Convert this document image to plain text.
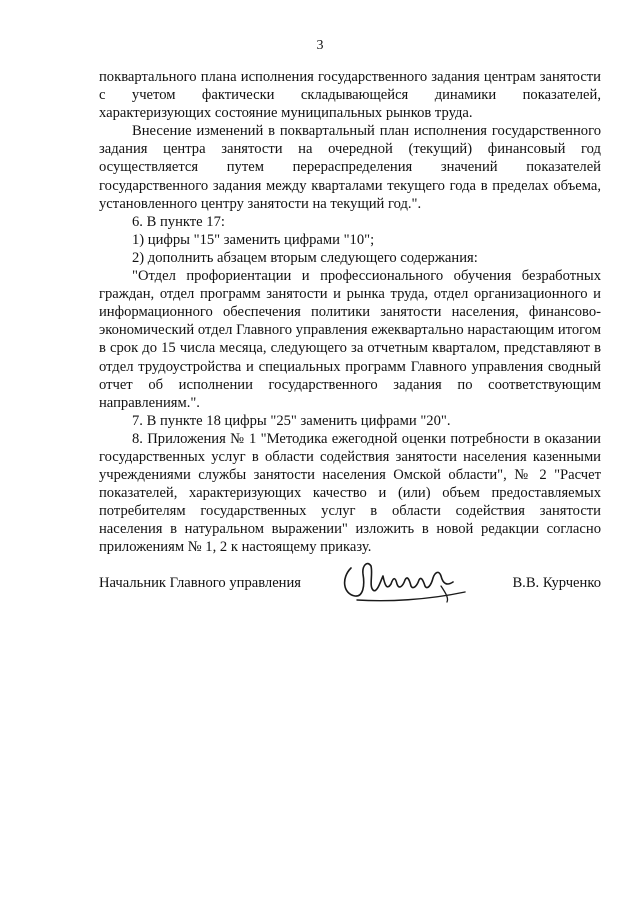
3

поквартального плана исполнения государственного задания центрам занятости с учетом фактически складывающейся динамики показателей, характеризующих состояние муниципальных рынков труда.

Внесение изменений в поквартальный план исполнения государственного задания центра занятости на очередной (текущий) финансовый год осуществляется путем перераспределения значений показателей государственного задания между кварталами текущего года в пределах объема, установленного центру занятости на текущий год.".

6. В пункте 17:

1) цифры "15" заменить цифрами "10";

2) дополнить абзацем вторым следующего содержания:

"Отдел профориентации и профессионального обучения безработных граждан, отдел программ занятости и рынка труда, отдел организационного и информационного обеспечения политики занятости населения, финансово-экономический отдел Главного управления ежеквартально нарастающим итогом в срок до 15 числа месяца, следующего за отчетным кварталом, представляют в отдел трудоустройства и специальных программ Главного управления сводный отчет об исполнении государственного задания по соответствующим направлениям.".

7. В пункте 18 цифры "25" заменить цифрами "20".

8. Приложения № 1 "Методика ежегодной оценки потребности в оказании государственных услуг в области содействия занятости населения казенными учреждениями службы занятости населения Омской области", № 2 "Расчет показателей, характеризующих качество и (или) объем предоставляемых потребителям государственных услуг в области содействия занятости населения в натуральном выражении" изложить в новой редакции согласно приложениям № 1, 2 к настоящему приказу.

Начальник Главного управления	В.В. Курченко
